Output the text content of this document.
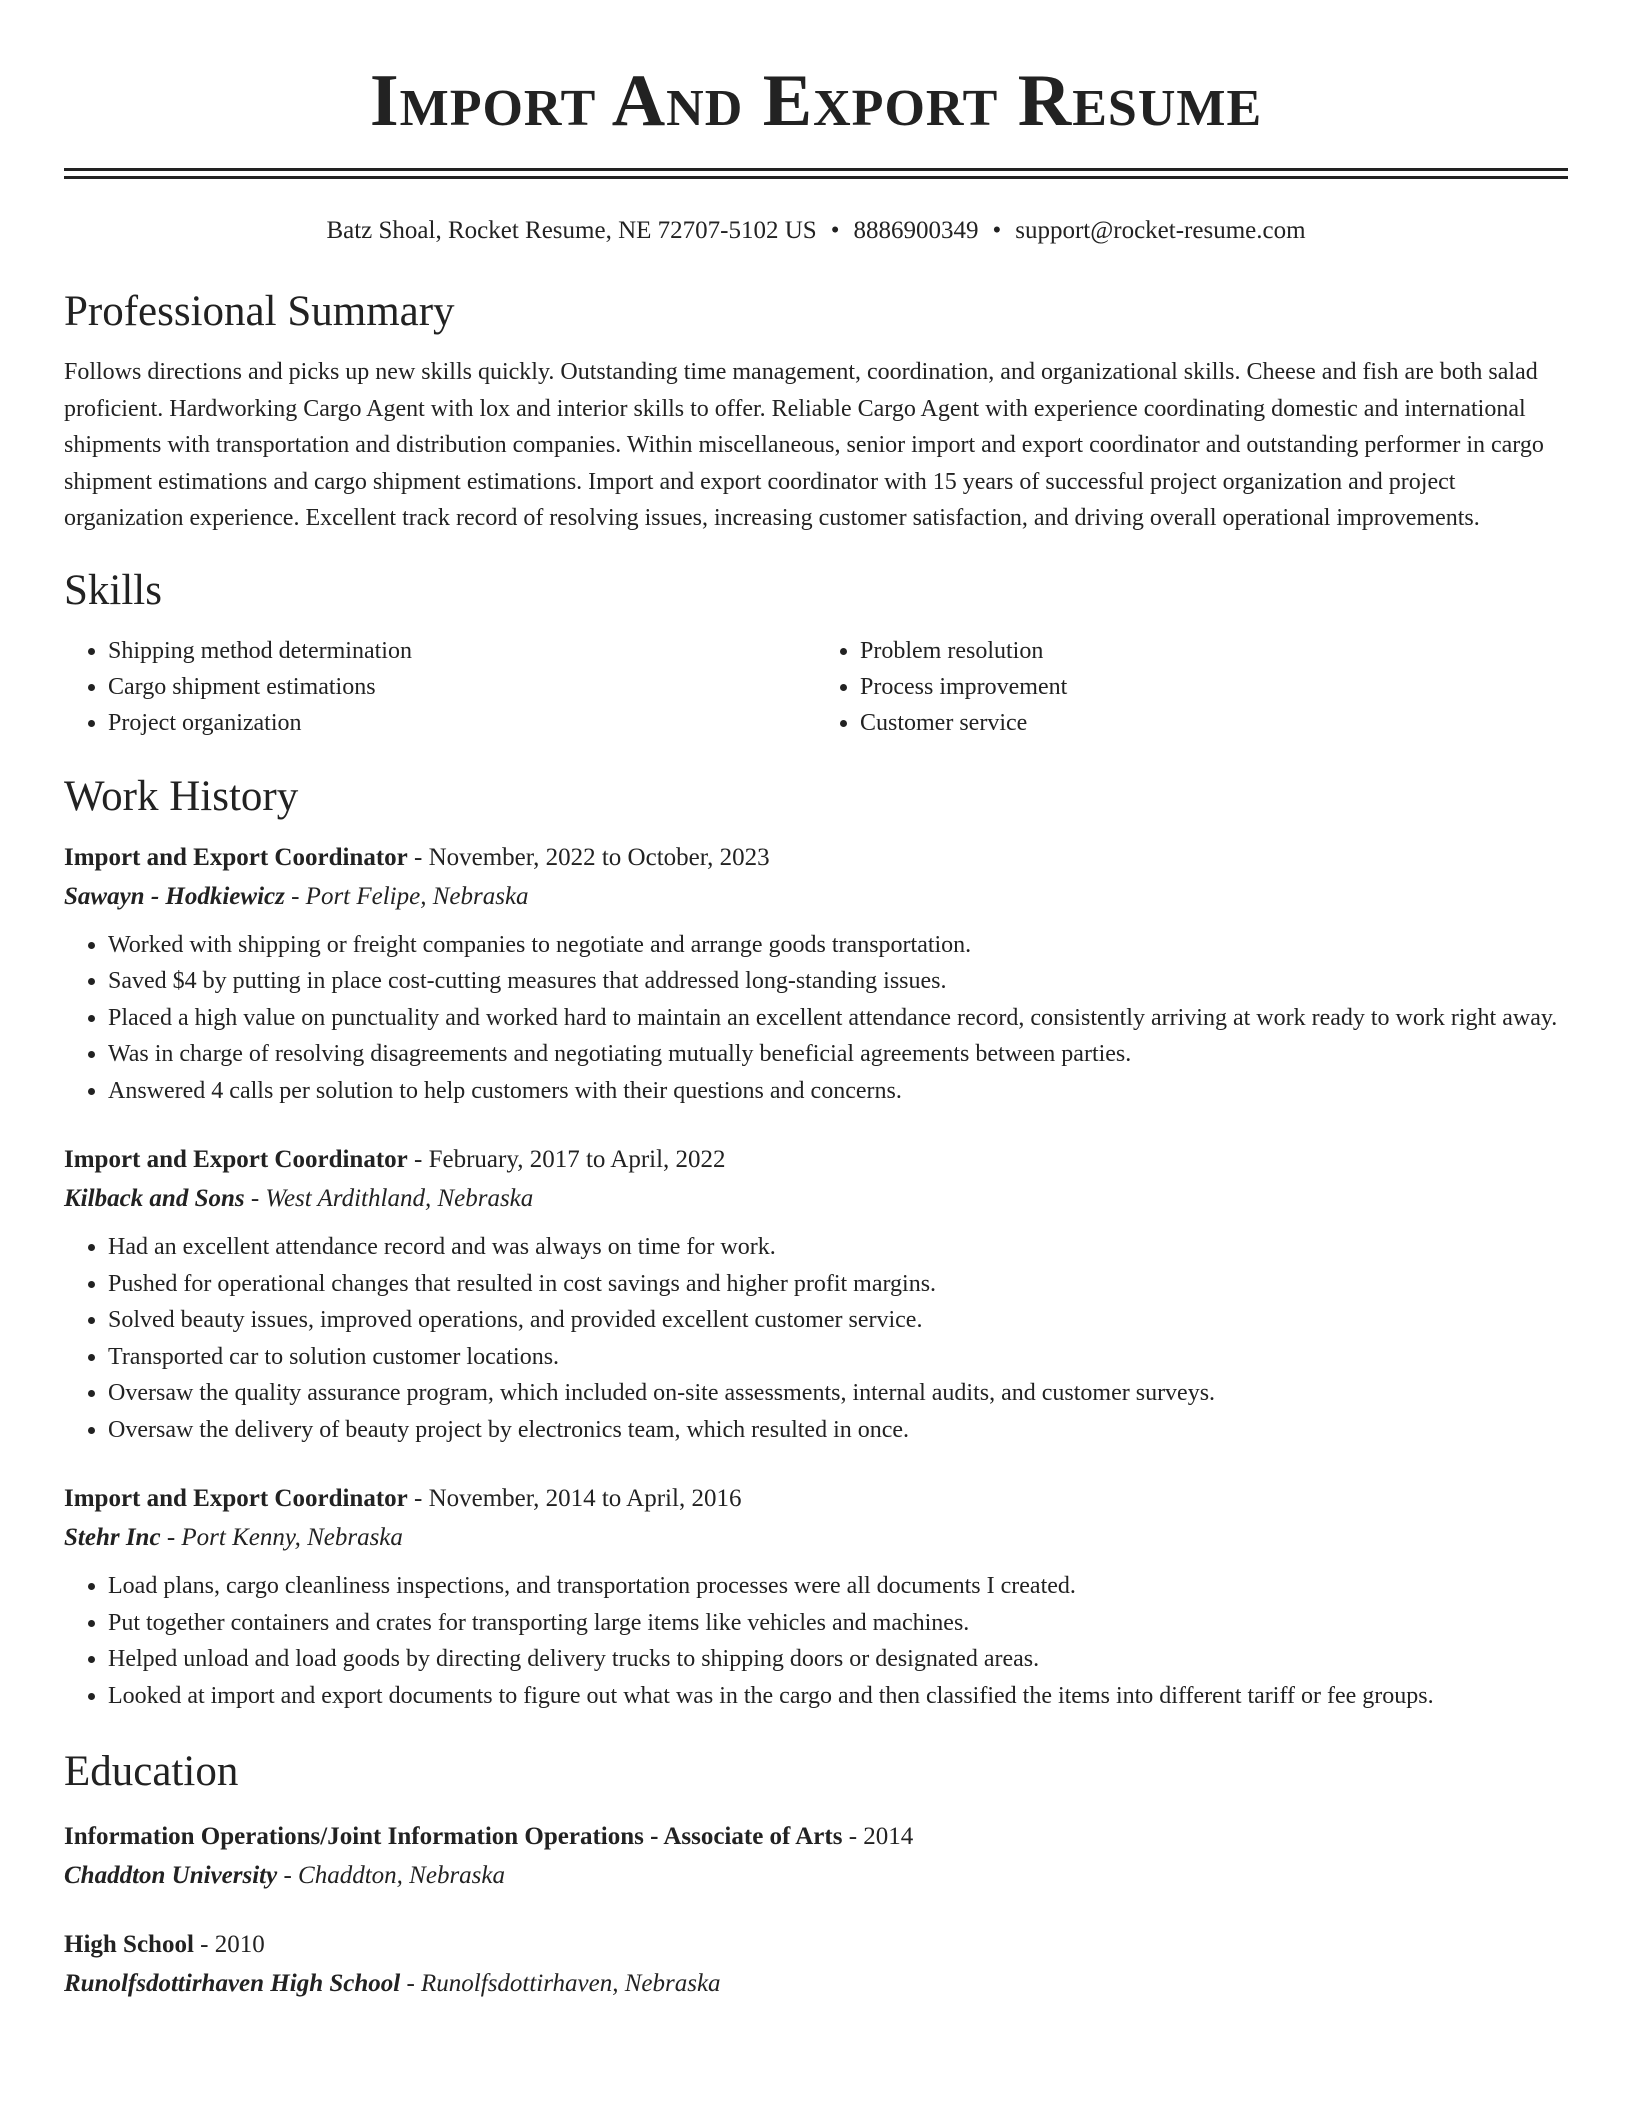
Import And Export Resume
Batz Shoal, Rocket Resume, NE 72707-5102 US • 8886900349 • support@rocket-resume.com
Professional Summary
Follows directions and picks up new skills quickly. Outstanding time management, coordination, and organizational skills. Cheese and fish are both salad proficient. Hardworking Cargo Agent with lox and interior skills to offer. Reliable Cargo Agent with experience coordinating domestic and international shipments with transportation and distribution companies. Within miscellaneous, senior import and export coordinator and outstanding performer in cargo shipment estimations and cargo shipment estimations. Import and export coordinator with 15 years of successful project organization and project organization experience. Excellent track record of resolving issues, increasing customer satisfaction, and driving overall operational improvements.
Skills
• Shipping method determination
• Cargo shipment estimations
• Project organization
• Problem resolution
• Process improvement
• Customer service
Work History
Import and Export Coordinator - November, 2022 to October, 2023
Sawayn - Hodkiewicz - Port Felipe, Nebraska
• Worked with shipping or freight companies to negotiate and arrange goods transportation.
• Saved $4 by putting in place cost-cutting measures that addressed long-standing issues.
• Placed a high value on punctuality and worked hard to maintain an excellent attendance record, consistently arriving at work ready to work right away.
• Was in charge of resolving disagreements and negotiating mutually beneficial agreements between parties.
• Answered 4 calls per solution to help customers with their questions and concerns.
Import and Export Coordinator - February, 2017 to April, 2022
Kilback and Sons - West Ardithland, Nebraska
• Had an excellent attendance record and was always on time for work.
• Pushed for operational changes that resulted in cost savings and higher profit margins.
• Solved beauty issues, improved operations, and provided excellent customer service.
• Transported car to solution customer locations.
• Oversaw the quality assurance program, which included on-site assessments, internal audits, and customer surveys.
• Oversaw the delivery of beauty project by electronics team, which resulted in once.
Import and Export Coordinator - November, 2014 to April, 2016
Stehr Inc - Port Kenny, Nebraska
• Load plans, cargo cleanliness inspections, and transportation processes were all documents I created.
• Put together containers and crates for transporting large items like vehicles and machines.
• Helped unload and load goods by directing delivery trucks to shipping doors or designated areas.
• Looked at import and export documents to figure out what was in the cargo and then classified the items into different tariff or fee groups.
Education
Information Operations/Joint Information Operations - Associate of Arts - 2014
Chaddton University - Chaddton, Nebraska
High School - 2010
Runolfsdottirhaven High School - Runolfsdottirhaven, Nebraska
